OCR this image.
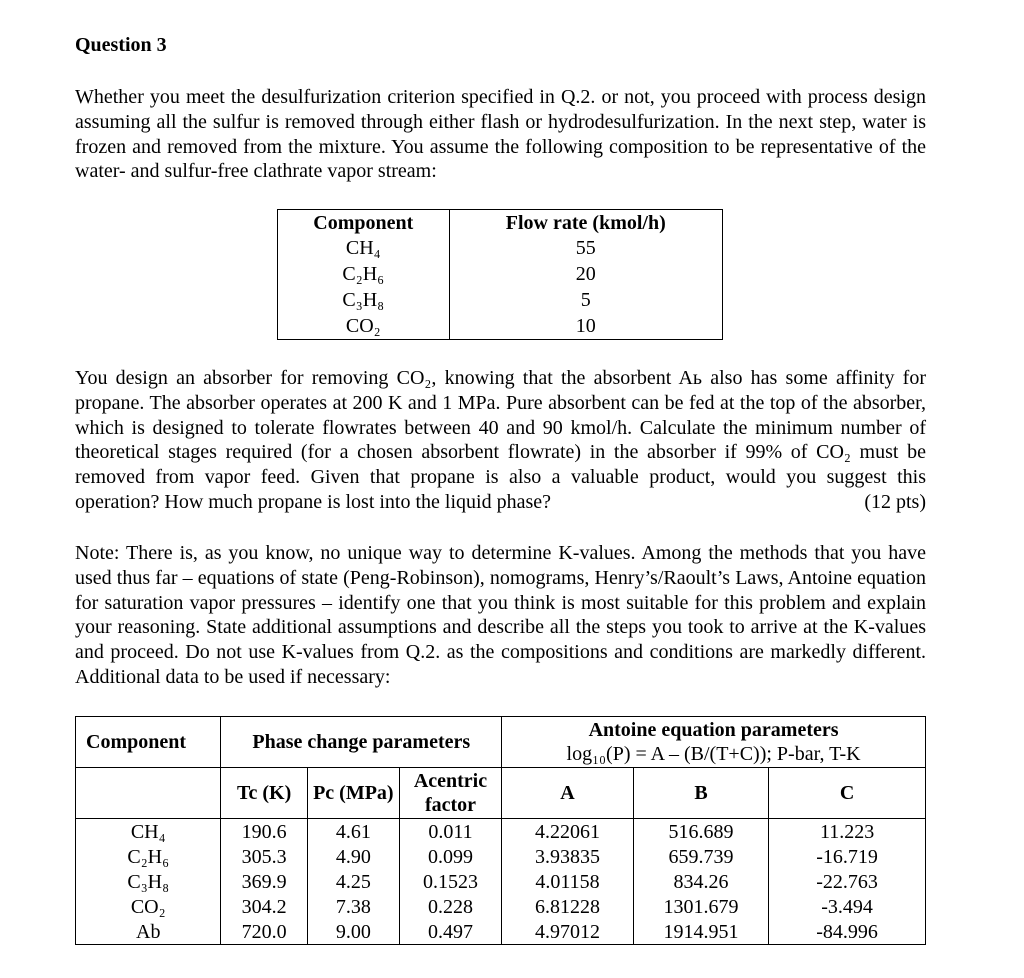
Question 3

Whether you meet the desulfurization criterion specified in Q.2. or not, you proceed with process design assuming all the sulfur is removed through either flash or hydrodesulfurization. In the next step, water is frozen and removed from the mixture. You assume the following composition to be representative of the water- and sulfur-free clathrate vapor stream:

Component	Flow rate (kmol/h)
CH₄	55
C₂H₆	20
C₃H₈	5
CO₂	10

You design an absorber for removing CO₂, knowing that the absorbent Aь also has some affinity for propane. The absorber operates at 200 K and 1 MPa. Pure absorbent can be fed at the top of the absorber, which is designed to tolerate flowrates between 40 and 90 kmol/h. Calculate the minimum number of theoretical stages required (for a chosen absorbent flowrate) in the absorber if 99% of CO₂ must be removed from vapor feed. Given that propane is also a valuable product, would you suggest this operation? How much propane is lost into the liquid phase?	(12 pts)

Note: There is, as you know, no unique way to determine K-values. Among the methods that you have used thus far – equations of state (Peng-Robinson), nomograms, Henry’s/Raoult’s Laws, Antoine equation for saturation vapor pressures – identify one that you think is most suitable for this problem and explain your reasoning. State additional assumptions and describe all the steps you took to arrive at the K-values and proceed. Do not use K-values from Q.2. as the compositions and conditions are markedly different. Additional data to be used if necessary:

Component	Phase change parameters			Antoine equation parameters
log₁₀(P) = A – (B/(T+C)); P-bar, T-K		

	Tc (K)	Pc (MPa)	Acentric factor	A	B	C
CH₄	190.6	4.61	0.011	4.22061	516.689	11.223
C₂H₆	305.3	4.90	0.099	3.93835	659.739	-16.719
C₃H₈	369.9	4.25	0.1523	4.01158	834.26	-22.763
CO₂	304.2	7.38	0.228	6.81228	1301.679	-3.494
Ab	720.0	9.00	0.497	4.97012	1914.951	-84.996
